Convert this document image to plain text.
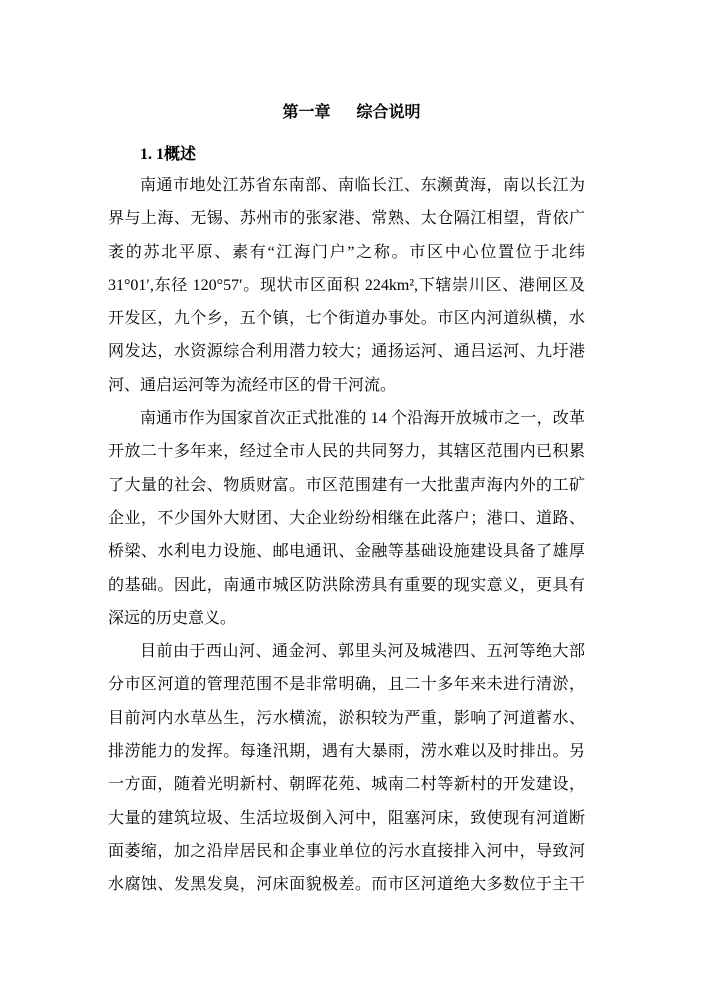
第一章 综合说明
1. 1概述
南通市地处江苏省东南部、南临长江、东濒黄海，南以长江为
界与上海、无锡、苏州市的张家港、常熟、太仓隔江相望，背依广
袤的苏北平原、素有“江海门户”之称。市区中心位置位于北纬
31°01′,东径 120°57′。现状市区面积 224km²,下辖崇川区、港闸区及
开发区，九个乡，五个镇，七个街道办事处。市区内河道纵横，水
网发达，水资源综合利用潜力较大；通扬运河、通吕运河、九圩港
河、通启运河等为流经市区的骨干河流。
南通市作为国家首次正式批准的 14 个沿海开放城市之一，改革
开放二十多年来，经过全市人民的共同努力，其辖区范围内已积累
了大量的社会、物质财富。市区范围建有一大批蜚声海内外的工矿
企业，不少国外大财团、大企业纷纷相继在此落户；港口、道路、
桥梁、水利电力设施、邮电通讯、金融等基础设施建设具备了雄厚
的基础。因此，南通市城区防洪除涝具有重要的现实意义，更具有
深远的历史意义。
目前由于西山河、通金河、郭里头河及城港四、五河等绝大部
分市区河道的管理范围不是非常明确，且二十多年来未进行清淤，
目前河内水草丛生，污水横流，淤积较为严重，影响了河道蓄水、
排涝能力的发挥。每逢汛期，遇有大暴雨，涝水难以及时排出。另
一方面，随着光明新村、朝晖花苑、城南二村等新村的开发建设，
大量的建筑垃圾、生活垃圾倒入河中，阻塞河床，致使现有河道断
面萎缩，加之沿岸居民和企事业单位的污水直接排入河中，导致河
水腐蚀、发黑发臭，河床面貌极差。而市区河道绝大多数位于主干
